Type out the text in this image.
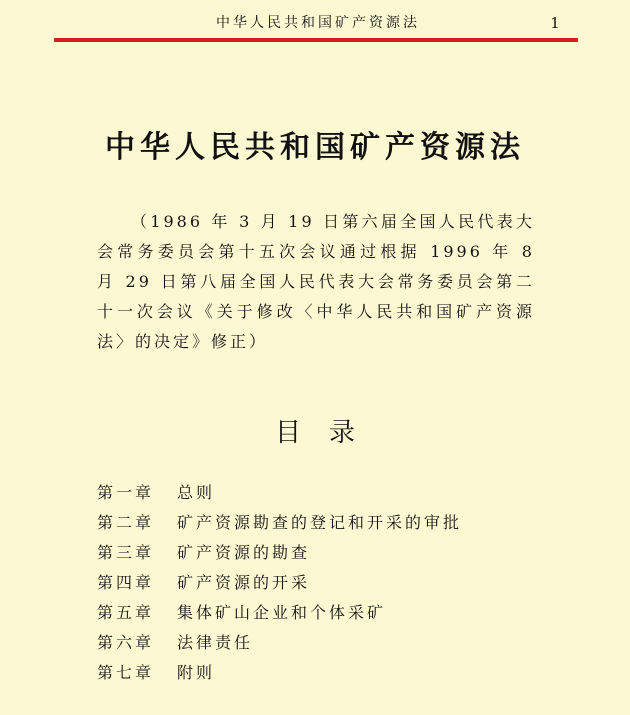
中华人民共和国矿产资源法	1
中华人民共和国矿产资源法

（1986 年 3 月 19 日第六届全国人民代表大会常务委员会第十五次会议通过根据 1996 年 8 月 29 日第八届全国人民代表大会常务委员会第二十一次会议《关于修改〈中华人民共和国矿产资源法〉的决定》修正）

目录
第一章 总则
第二章 矿产资源勘查的登记和开采的审批
第三章 矿产资源的勘查
第四章 矿产资源的开采
第五章 集体矿山企业和个体采矿
第六章 法律责任
第七章 附则
